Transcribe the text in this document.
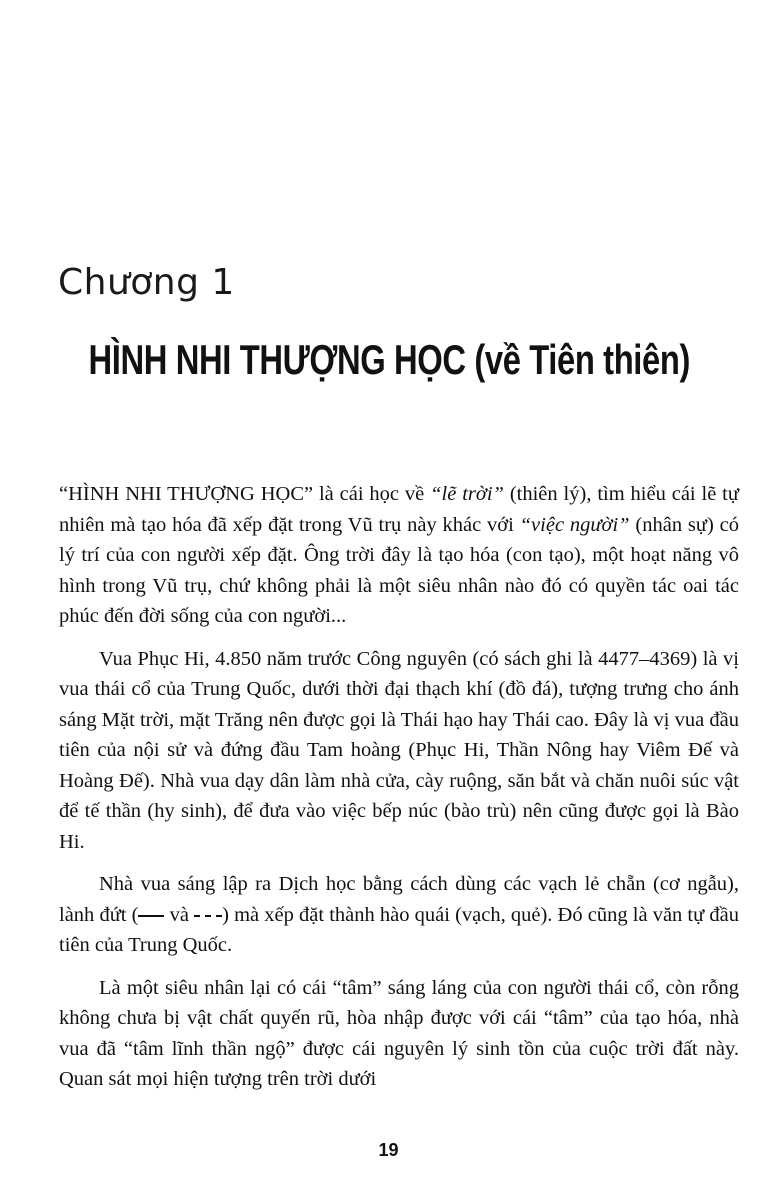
Chương 1
HÌNH NHI THƯỢNG HỌC (về Tiên thiên)

“HÌNH NHI THƯỢNG HỌC” là cái học về “lẽ trời” (thiên lý), tìm hiểu cái lẽ tự nhiên mà tạo hóa đã xếp đặt trong Vũ trụ này khác với “việc người” (nhân sự) có lý trí của con người xếp đặt. Ông trời đây là tạo hóa (con tạo), một hoạt năng vô hình trong Vũ trụ, chứ không phải là một siêu nhân nào đó có quyền tác oai tác phúc đến đời sống của con người...

Vua Phục Hi, 4.850 năm trước Công nguyên (có sách ghi là 4477–4369) là vị vua thái cổ của Trung Quốc, dưới thời đại thạch khí (đồ đá), tượng trưng cho ánh sáng Mặt trời, mặt Trăng nên được gọi là Thái hạo hay Thái cao. Đây là vị vua đầu tiên của nội sử và đứng đầu Tam hoàng (Phục Hi, Thần Nông hay Viêm Đế và Hoàng Đế). Nhà vua dạy dân làm nhà cửa, cày ruộng, săn bắt và chăn nuôi súc vật để tế thần (hy sinh), để đưa vào việc bếp núc (bào trù) nên cũng được gọi là Bào Hi.

Nhà vua sáng lập ra Dịch học bằng cách dùng các vạch lẻ chẵn (cơ ngẫu), lành đứt ( và ) mà xếp đặt thành hào quái (vạch, quẻ). Đó cũng là văn tự đầu tiên của Trung Quốc.

Là một siêu nhân lại có cái “tâm” sáng láng của con người thái cổ, còn rỗng không chưa bị vật chất quyến rũ, hòa nhập được với cái “tâm” của tạo hóa, nhà vua đã “tâm lĩnh thần ngộ” được cái nguyên lý sinh tồn của cuộc trời đất này. Quan sát mọi hiện tượng trên trời dưới

19
